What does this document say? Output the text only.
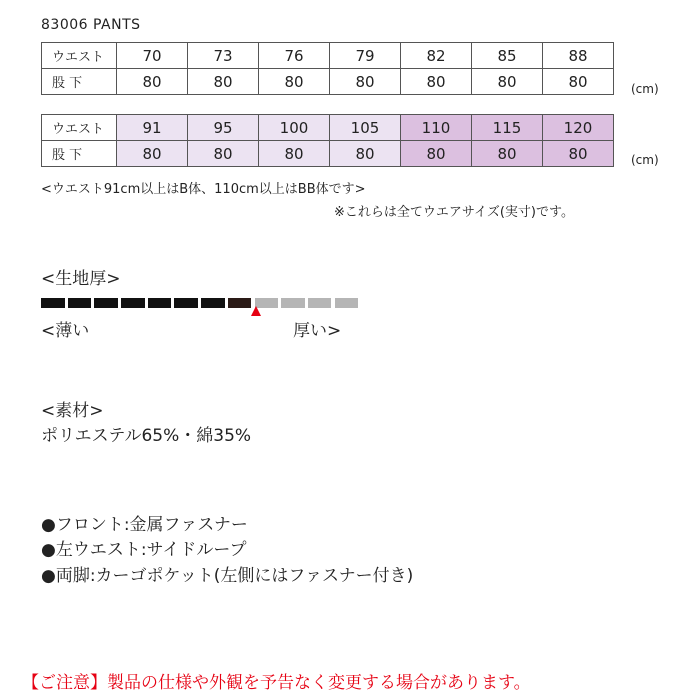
83006 PANTS
ウエスト	70	73	76	79	82	85	88
股 下	80	80	80	80	80	80	80	(cm)
ウエスト	91	95	100	105	110	115	120
股 下	80	80	80	80	80	80	80	(cm)
<ウエスト91cm以上はB体、110cm以上はBB体です>
※これらは全てウエアサイズ(実寸)です。
<生地厚>
<薄い	厚い>
<素材>
ポリエステル65%・綿35%
●フロント:金属ファスナー
●左ウエスト:サイドループ
●両脚:カーゴポケット(左側にはファスナー付き)
【ご注意】製品の仕様や外観を予告なく変更する場合があります。
